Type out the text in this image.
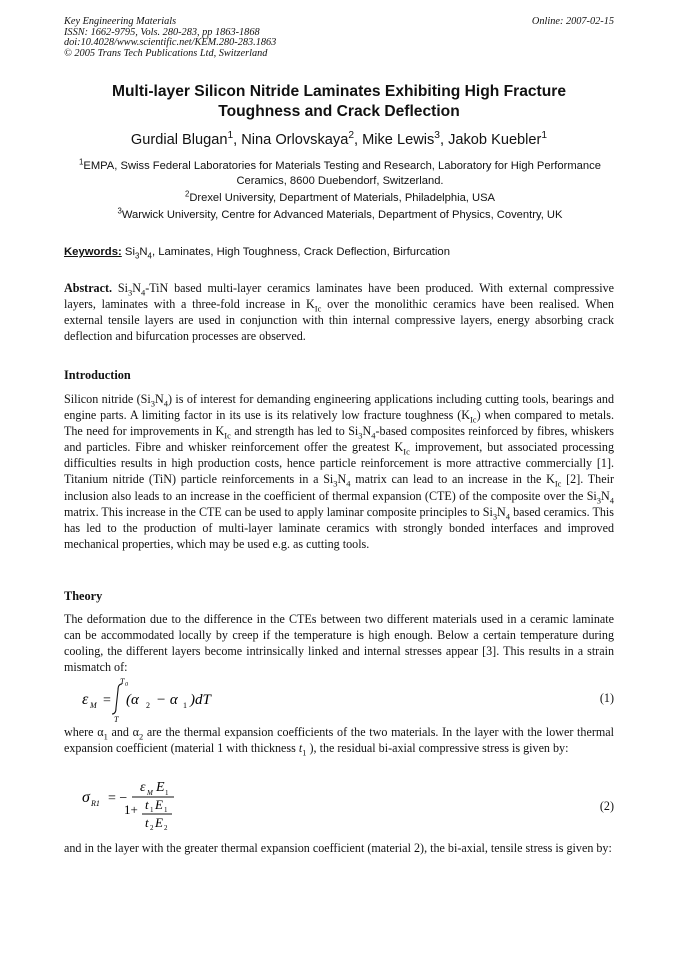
Key Engineering Materials
ISSN: 1662-9795, Vols. 280-283, pp 1863-1868
doi:10.4028/www.scientific.net/KEM.280-283.1863
© 2005 Trans Tech Publications Ltd, Switzerland
Online: 2007-02-15
Multi-layer Silicon Nitride Laminates Exhibiting High Fracture
Toughness and Crack Deflection
Gurdial Blugan$^1$, Nina Orlovskaya$^2$, Mike Lewis$^3$, Jakob Kuebler$^1$
$^1$EMPA, Swiss Federal Laboratories for Materials Testing and Research, Laboratory for High Performance Ceramics, 8600 Duebendorf, Switzerland.
$^2$Drexel University, Department of Materials, Philadelphia, USA
$^3$Warwick University, Centre for Advanced Materials, Department of Physics, Coventry, UK
Keywords: $Si_3N_4$, Laminates, High Toughness, Crack Deflection, Birfurcation
Abstract. $Si_3N_4$-TiN based multi-layer ceramics laminates have been produced. With external compressive layers, laminates with a three-fold increase in $K_{Ic}$ over the monolithic ceramics have been realised. When external tensile layers are used in conjunction with thin internal compressive layers, energy absorbing crack deflection and bifurcation processes are observed.
Introduction
Silicon nitride $(Si_3N_4)$ is of interest for demanding engineering applications including cutting tools, bearings and engine parts. A limiting factor in its use is its relatively low fracture toughness $(K_{Ic})$ when compared to metals. The need for improvements in $K_{Ic}$ and strength has led to $Si_3N_4$-based composites reinforced by fibres, whiskers and particles. Fibre and whisker reinforcement offer the greatest $K_{Ic}$ improvement, but associated processing difficulties results in high production costs, hence particle reinforcement is more attractive commercially [1]. Titanium nitride (TiN) particle reinforcements in a $Si_3N_4$ matrix can lead to an increase in the $K_{Ic}$ [2]. Their inclusion also leads to an increase in the coefficient of thermal expansion (CTE) of the composite over the $Si_3N_4$ matrix. This increase in the CTE can be used to apply laminar composite principles to $Si_3N_4$ based ceramics. This has led to the production of multi-layer laminate ceramics with strongly bonded interfaces and improved mechanical properties, which may be used e.g. as cutting tools.
Theory
The deformation due to the difference in the CTEs between two different materials used in a ceramic laminate can be accommodated locally by creep if the temperature is high enough. Below a certain temperature during cooling, the different layers become intrinsically linked and internal stresses appear [3]. This results in a strain mismatch of:
ε M =
T 0
T
(α 2 − α 1 )dT	(1)
where $\alpha_1$ and $\alpha_2$ are the thermal expansion coefficients of the two materials. In the layer with the lower thermal expansion coefficient (material 1 with thickness $t_1$ ), the residual bi-axial compressive stress is given by:
σ R1 = −
ε M E 1
1+ t 1 E 1
t 2 E 2
(2)
and in the layer with the greater thermal expansion coefficient (material 2), the bi-axial, tensile stress is given by:
